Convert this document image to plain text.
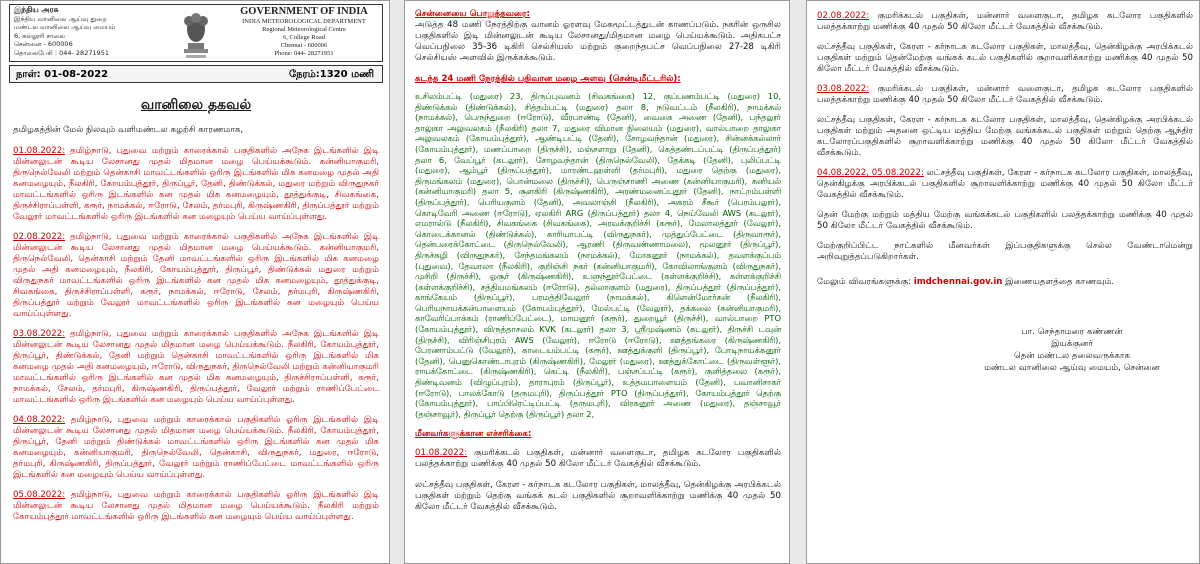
இந்திய அரசு
இந்திய வானிலை ஆய்வு துறை
மண்டல வானிலை ஆய்வு மையம்
6, கல்லூரி சாலை
சென்னை - 600006
தொலைபேசி : 044- 28271951
GOVERNMENT OF INDIA
INDIA METEOROLOGICAL DEPARTMENT
Regional Meteorological Centre
6, College Road
Chennai - 600006
Phone: 044- 28271951
நாள்: 01-08-2022	நேரம்:1320 மணி
வானிலை தகவல்
தமிழகத்தின் மேல் நிலவும் வளிமண்டல சுழற்சி காரணமாக,
01.08.2022: தமிழ்நாடு, புதுவை மற்றும் காரைக்கால் பகுதிகளில் அநேக இடங்களில் இடி மின்னலுடன் கூடிய லேசானது முதல் மிதமான மழை பெய்யக்கூடும். கன்னியாகுமரி, திருநெல்வேலி மற்றும் தென்காசி மாவட்டங்களில் ஒரிரு இடங்களில் மிக கனமழை முதல் அதி கனமழையும், நீலகிரி, கோயம்புத்தூர், திருப்பூர், தேனி, திண்டுக்கல், மதுரை மற்றும் விருதுநகர் மாவட்டங்களில் ஒரிரு இடங்களில் கன முதல் மிக கனமழையும், தூத்துக்குடி, சிவகங்கை, திருச்சிராப்பள்ளி, கரூர், நாமக்கல், ஈரோடு, சேலம், தர்மபுரி, கிருஷ்ணகிரி, திருப்பத்தூர் மற்றும் வேலூர் மாவட்டங்களில் ஒரிரு இடங்களில் கன மழையும் பெய்ய வாய்ப்புள்ளது.
02.08.2022: தமிழ்நாடு, புதுவை மற்றும் காரைக்கால் பகுதிகளில் அநேக இடங்களில் இடி மின்னலுடன் கூடிய லேசானது முதல் மிதமான மழை பெய்யக்கூடும். கன்னியாகுமரி, திருநெல்வேலி, தென்காசி மற்றும் தேனி மாவட்டங்களில் ஒரிரு இடங்களில் மிக கனமழை முதல் அதி கனமழையும், நீலகிரி, கோயம்புத்தூர், திருப்பூர், திண்டுக்கல் மதுரை மற்றும் விருதுநகர் மாவட்டங்களில் ஒரிரு இடங்களில் கன முதல் மிக கனமழையும், தூத்துக்குடி, சிவகங்கை, திருச்சிராப்பள்ளி, கரூர், நாமக்கல், ஈரோடு, சேலம், தர்மபுரி, கிருஷ்ணகிரி, திருப்பத்தூர் மற்றும் வேலூர் மாவட்டங்களில் ஒரிரு இடங்களில் கன மழையும் பெய்ய வாய்ப்புள்ளது.
03.08.2022: தமிழ்நாடு, புதுவை மற்றும் காரைக்கால் பகுதிகளில் அநேக இடங்களில் இடி மின்னலுடன் கூடிய லேசானது முதல் மிதமான மழை பெய்யக்கூடும். நீலகிரி, கோயம்புத்தூர், திருப்பூர், திண்டுக்கல், தேனி மற்றும் தென்காசி மாவட்டங்களில் ஒரிரு இடங்களில் மிக கனமழை முதல் அதி கனமழையும், ஈரோடு, விருதுநகர், திருநெல்வேலி மற்றும் கன்னியாகுமரி மாவட்டங்களில் ஒரிரு இடங்களில் கன முதல் மிக கனமழையும், திருச்சிராப்பள்ளி, கரூர், நாமக்கல், சேலம், தர்மபுரி, கிருஷ்ணகிரி, திருப்பத்தூர், வேலூர் மற்றும் ராணிப்பேட்டை மாவட்டங்களில் ஒரிரு இடங்களில் கன மழையும் பெய்ய வாய்ப்புள்ளது.
04.08.2022: தமிழ்நாடு, புதுவை மற்றும் காரைக்கால் பகுதிகளில் ஓரிரு இடங்களில் இடி மின்னலுடன் கூடிய லேசானது முதல் மிதமான மழை பெய்யக்கூடும். நீலகிரி, கோயம்புத்தூர், திருப்பூர், தேனி மற்றும் திண்டுக்கல் மாவட்டங்களில் ஒரிரு இடங்களில் கன முதல் மிக கனமழையும், கன்னியாகுமரி, திருநெல்வேலி, தென்காசி, விருதுநகர், மதுரை, ஈரோடு, தர்மபுரி, கிருஷ்ணகிரி, திருப்பத்தூர், வேலூர் மற்றும் ராணிப்பேட்டை மாவட்டங்களில் ஒரிரு இடங்களில் கன மழையும் பெய்ய வாய்ப்புள்ளது.
05.08.2022: தமிழ்நாடு, புதுவை மற்றும் காரைக்கால் பகுதிகளில் ஓரிரு இடங்களில் இடி மின்னலுடன் கூடிய லேசானது முதல் மிதமான மழை பெய்யக்கூடும். நீலகிரி மற்றும் கோயம்புத்தூர் மாவட்டங்களில் ஒரிரு இடங்களில் கன மழையும் பெய்ய வாய்ப்புள்ளது.
சென்னையை பொறுத்தவரை:
அடுத்த 48 மணி நேரத்திற்கு வானம் ஓரளவு மேகமூட்டத்துடன் காணப்படும். நகரின் ஒருசில பகுதிகளில் இடி மின்னலுடன் கூடிய லேசானது/மிதமான மழை பெய்யக்கூடும். அதிகபட்ச வெப்பநிலை 35-36 டிகிரி செல்சியஸ் மற்றும் குறைந்தபட்ச வெப்பநிலை 27-28 டிகிரி செல்சியஸ் அளவில் இருக்கக்கூடும்.
கடந்த 24 மணி நேரத்தில் பதிவான மழை அளவு (சென்டிமீட்டரில்):
உசிலம்பட்டி (மதுரை) 23, திருப்புவனம் (சிவகங்கை) 12, குப்பணம்பட்டி (மதுரை) 10, திண்டுக்கல் (திண்டுக்கல்), சித்தம்பட்டி (மதுரை) தலா 8, நடுவட்டம் (நீலகிரி), நாமக்கல் (நாமக்கல்), பெருந்துறை (ஈரோடு), வீரபாண்டி (தேனி), வைகை அணை (தேனி), பந்தலூர் தாலுகா அலுவலகம் (நீலகிரி) தலா 7, மதுரை விமான நிலையம் (மதுரை), வால்பாறை தாலுகா அலுவலகம் (கோயம்புத்தூர்), ஆண்டிபட்டி (தேனி), சோழவந்தான் (மதுரை), சின்னக்கல்லார் (கோயம்புத்தூர்), மணப்பாறை (திருச்சி), மஞ்சளாறு (தேனி), கெத்தண்டப்பட்டி (திருப்பத்தூர்) தலா 6, வேப்பூர் (கடலூர்), சோழவந்தான் (திருநெல்வேலி), தேக்கடி (தேனி), புலிப்பட்டி (மதுரை), ஆம்பூர் (திருப்பத்தூர்), மாரண்டஹள்ளி (தர்மபுரி), மதுரை தெற்கு (மதுரை), திருமங்கலம் (மதுரை), பொன்மலை (திருச்சி), பெருஞ்சாணி அணை (கன்னியாகுமரி), கனியல் (கன்னியாகுமரி) தலா 5, சூளகிரி (கிருஷ்ணகிரி), அரண்மனைப்புதூர் (தேனி), நாட்றம்பள்ளி (திருப்பத்தூர்), பெரியகுளம் (தேனி), அவலாஞ்சி (நீலகிரி), அகரம் சீகூர் (பெரம்பலூர்), கொடிவேரி அணை (ஈரோடு), ஏலகிரி ARG (திருப்பத்தூர்) தலா 4, நெய்வேலி AWS (கடலூர்), எமரால்டு (நீலகிரி), சிவகங்கை (சிவகங்கை), அரவக்குறிச்சி (கரூர்), மேலாலத்தூர் (வேலூர்), கொடைக்கானல் (திண்டுக்கல்), காரியாபட்டி (விருதுநகர்), முத்துப்பேட்டை (திருவாரூர்), தென்பரைக்கோட்டை (திருநெல்வேலி), ஆரணி (திருவண்ணாமலை), மூலனூர் (திருப்பூர்), திருச்சுழி (விருதுநகர்), சேந்தமங்கலம் (நாமக்கல்), மோகனூர் (நாமக்கல்), தவளக்குப்பம் (புதுவை), தேவாலா (நீலகிரி), குறிஞ்சி நகர் (கன்னியாகுமரி), கோவிலாங்குளம் (விருதுநகர்), முசிறி (திருச்சி), ஓசூர் (கிருஷ்ணகிரி), உளுந்தூர்பேட்டை (கள்ளக்குறிச்சி), கள்ளக்குறிச்சி (கள்ளக்குறிச்சி), சத்தியமங்கலம் (ஈரோடு), தல்லாகுளம் (மதுரை), திருப்பத்தூர் (திருப்பத்தூர்), காங்கேயம் (திருப்பூர்), பரமத்திவேலூர் (நாமக்கல்), கிளென்மோர்கன் (நீலகிரி), பெரியநாயக்கன்பாளையம் (கோயம்புத்தூர்), மேல்பட்டி (வேலூர்), தக்கலை (கன்னியாகுமரி), காவேரிப்பாக்கம் (ராணிப்பேட்டை), மாயனூர் (கரூர்), துறையூர் (திருச்சி), வால்பாறை PTO (கோயம்புத்தூர்), விருத்தாசலம் KVK (கடலூர்) தலா 3, ஸ்ரீமுஷ்ணம் (கடலூர்), திருச்சி டவுன் (திருச்சி), விரிஞ்சிபுரம் AWS (வேலூர்), ஈரோடு (ஈரோடு), ஊத்தங்கரை (கிருஷ்ணகிரி), பேரணாம்பட்டு (வேலூர்), காடையம்பட்டி (கரூர்), ஊத்துக்குளி (திருப்பூர்), போடிநாயக்கனூர் (தேனி), பெனுகொண்டாபுரம் (கிருஷ்ணகிரி), மேலூர் (மதுரை), ஊத்துக்கோட்டை (திருவள்ளூர்), ராயக்கோட்டை (கிருஷ்ணகிரி), கெட்டி (நீலகிரி), பஞ்சப்பட்டி (கரூர்), குளித்தலை (கரூர்), திண்டிவனம் (விழுப்புரம்), தாராபுரம் (திருப்பூர்), உத்தமபாளையம் (தேனி), பவானிசாகர் (ஈரோடு), பாலக்கோடு (தருமபுரி), திருப்பத்தூர் PTO (திருப்பத்தூர்), கோயம்புத்தூர் தெற்கு (கோயம்புத்தூர்), பாப்பிரெட்டிப்பட்டி (தருமபுரி), விரகனூர் அணை (மதுரை), தஞ்சாவூர் (தஞ்சாவூர்), திருப்பூர் தெற்கு (திருப்பூர்) தலா 2,
மீனவர்களுக்கான எச்சரிக்கை:
01.08.2022: குமரிக்கடல் பகுதிகள், மன்னார் வளைகுடா, தமிழக கடலோர பகுதிகளில் பலத்தக்காற்று மணிக்கு 40 முதல் 50 கிலோ மீட்டர் வேகத்தில் வீசக்கூடும்.
லட்சத்தீவு பகுதிகள், கேரள - கர்நாடக கடலோர பகுதிகள், மாலத்தீவு, தென்கிழக்கு அரபிக்கடல் பகுதிகள் மற்றும் தெற்கு வங்கக் கடல் பகுதிகளில் சூறாவளிக்காற்று மணிக்கு 40 முதல் 50 கிலோ மீட்டர் வேகத்தில் வீசக்கூடும்.
02.08.2022: குமரிக்கடல் பகுதிகள், மன்னார் வளைகுடா, தமிழக கடலோர பகுதிகளில் பலத்தக்காற்று மணிக்கு 40 முதல் 50 கிலோ மீட்டர் வேகத்தில் வீசக்கூடும்.
லட்சத்தீவு பகுதிகள், கேரள - கர்நாடக கடலோர பகுதிகள், மாலத்தீவு, தென்கிழக்கு அரபிக்கடல் பகுதிகள் மற்றும் தென்மேற்கு வங்கக் கடல் பகுதிகளில் சூறாவளிக்காற்று மணிக்கு 40 முதல் 50 கிலோ மீட்டர் வேகத்தில் வீசக்கூடும்.
03.08.2022: குமரிக்கடல் பகுதிகள், மன்னார் வளைகுடா, தமிழக கடலோர பகுதிகளில் பலத்தக்காற்று மணிக்கு 40 முதல் 50 கிலோ மீட்டர் வேகத்தில் வீசக்கூடும்.
லட்சத்தீவு பகுதிகள், கேரள - கர்நாடக கடலோர பகுதிகள், மாலத்தீவு, தென்கிழக்கு அரபிக்கடல் பகுதிகள் மற்றும் அதனை ஒட்டிய மத்திய மேற்கு வங்கக்கடல் பகுதிகள் மற்றும் தெற்கு ஆந்திர கடலோரப்பகுதிகளில் சூறாவளிக்காற்று மணிக்கு 40 முதல் 50 கிலோ மீட்டர் வேகத்தில் வீசக்கூடும்.
04.08.2022, 05.08.2022: லட்சத்தீவு பகுதிகள், கேரள - கர்நாடக கடலோர பகுதிகள், மாலத்தீவு, தென்கிழக்கு அரபிக்கடல் பகுதிகளில் சூறாவளிக்காற்று மணிக்கு 40 முதல் 50 கிலோ மீட்டர் வேகத்தில் வீசக்கூடும்.
தென் மேற்கு மற்றும் மத்திய மேற்கு வங்கக்கடல் பகுதிகளில் பலத்தக்காற்று மணிக்கு 40 முதல் 50 கிலோ மீட்டர் வேகத்தில் வீசக்கூடும்.
மேற்குறிப்பிட்ட நாட்களில் மீனவர்கள் இப்பகுதிகளுக்கு செல்ல வேண்டாமென்று அறிவுறுத்தப்படுகிறார்கள்.
மேலும் விவரங்களுக்கு: imdchennai.gov.in இணையதளத்தை காணவும்.
பா. செந்தாமரை கண்ணன்
இயக்குனர்
தென் மண்டல தலைவருக்காக
மண்டல வானிலை ஆய்வு மையம், சென்னை
